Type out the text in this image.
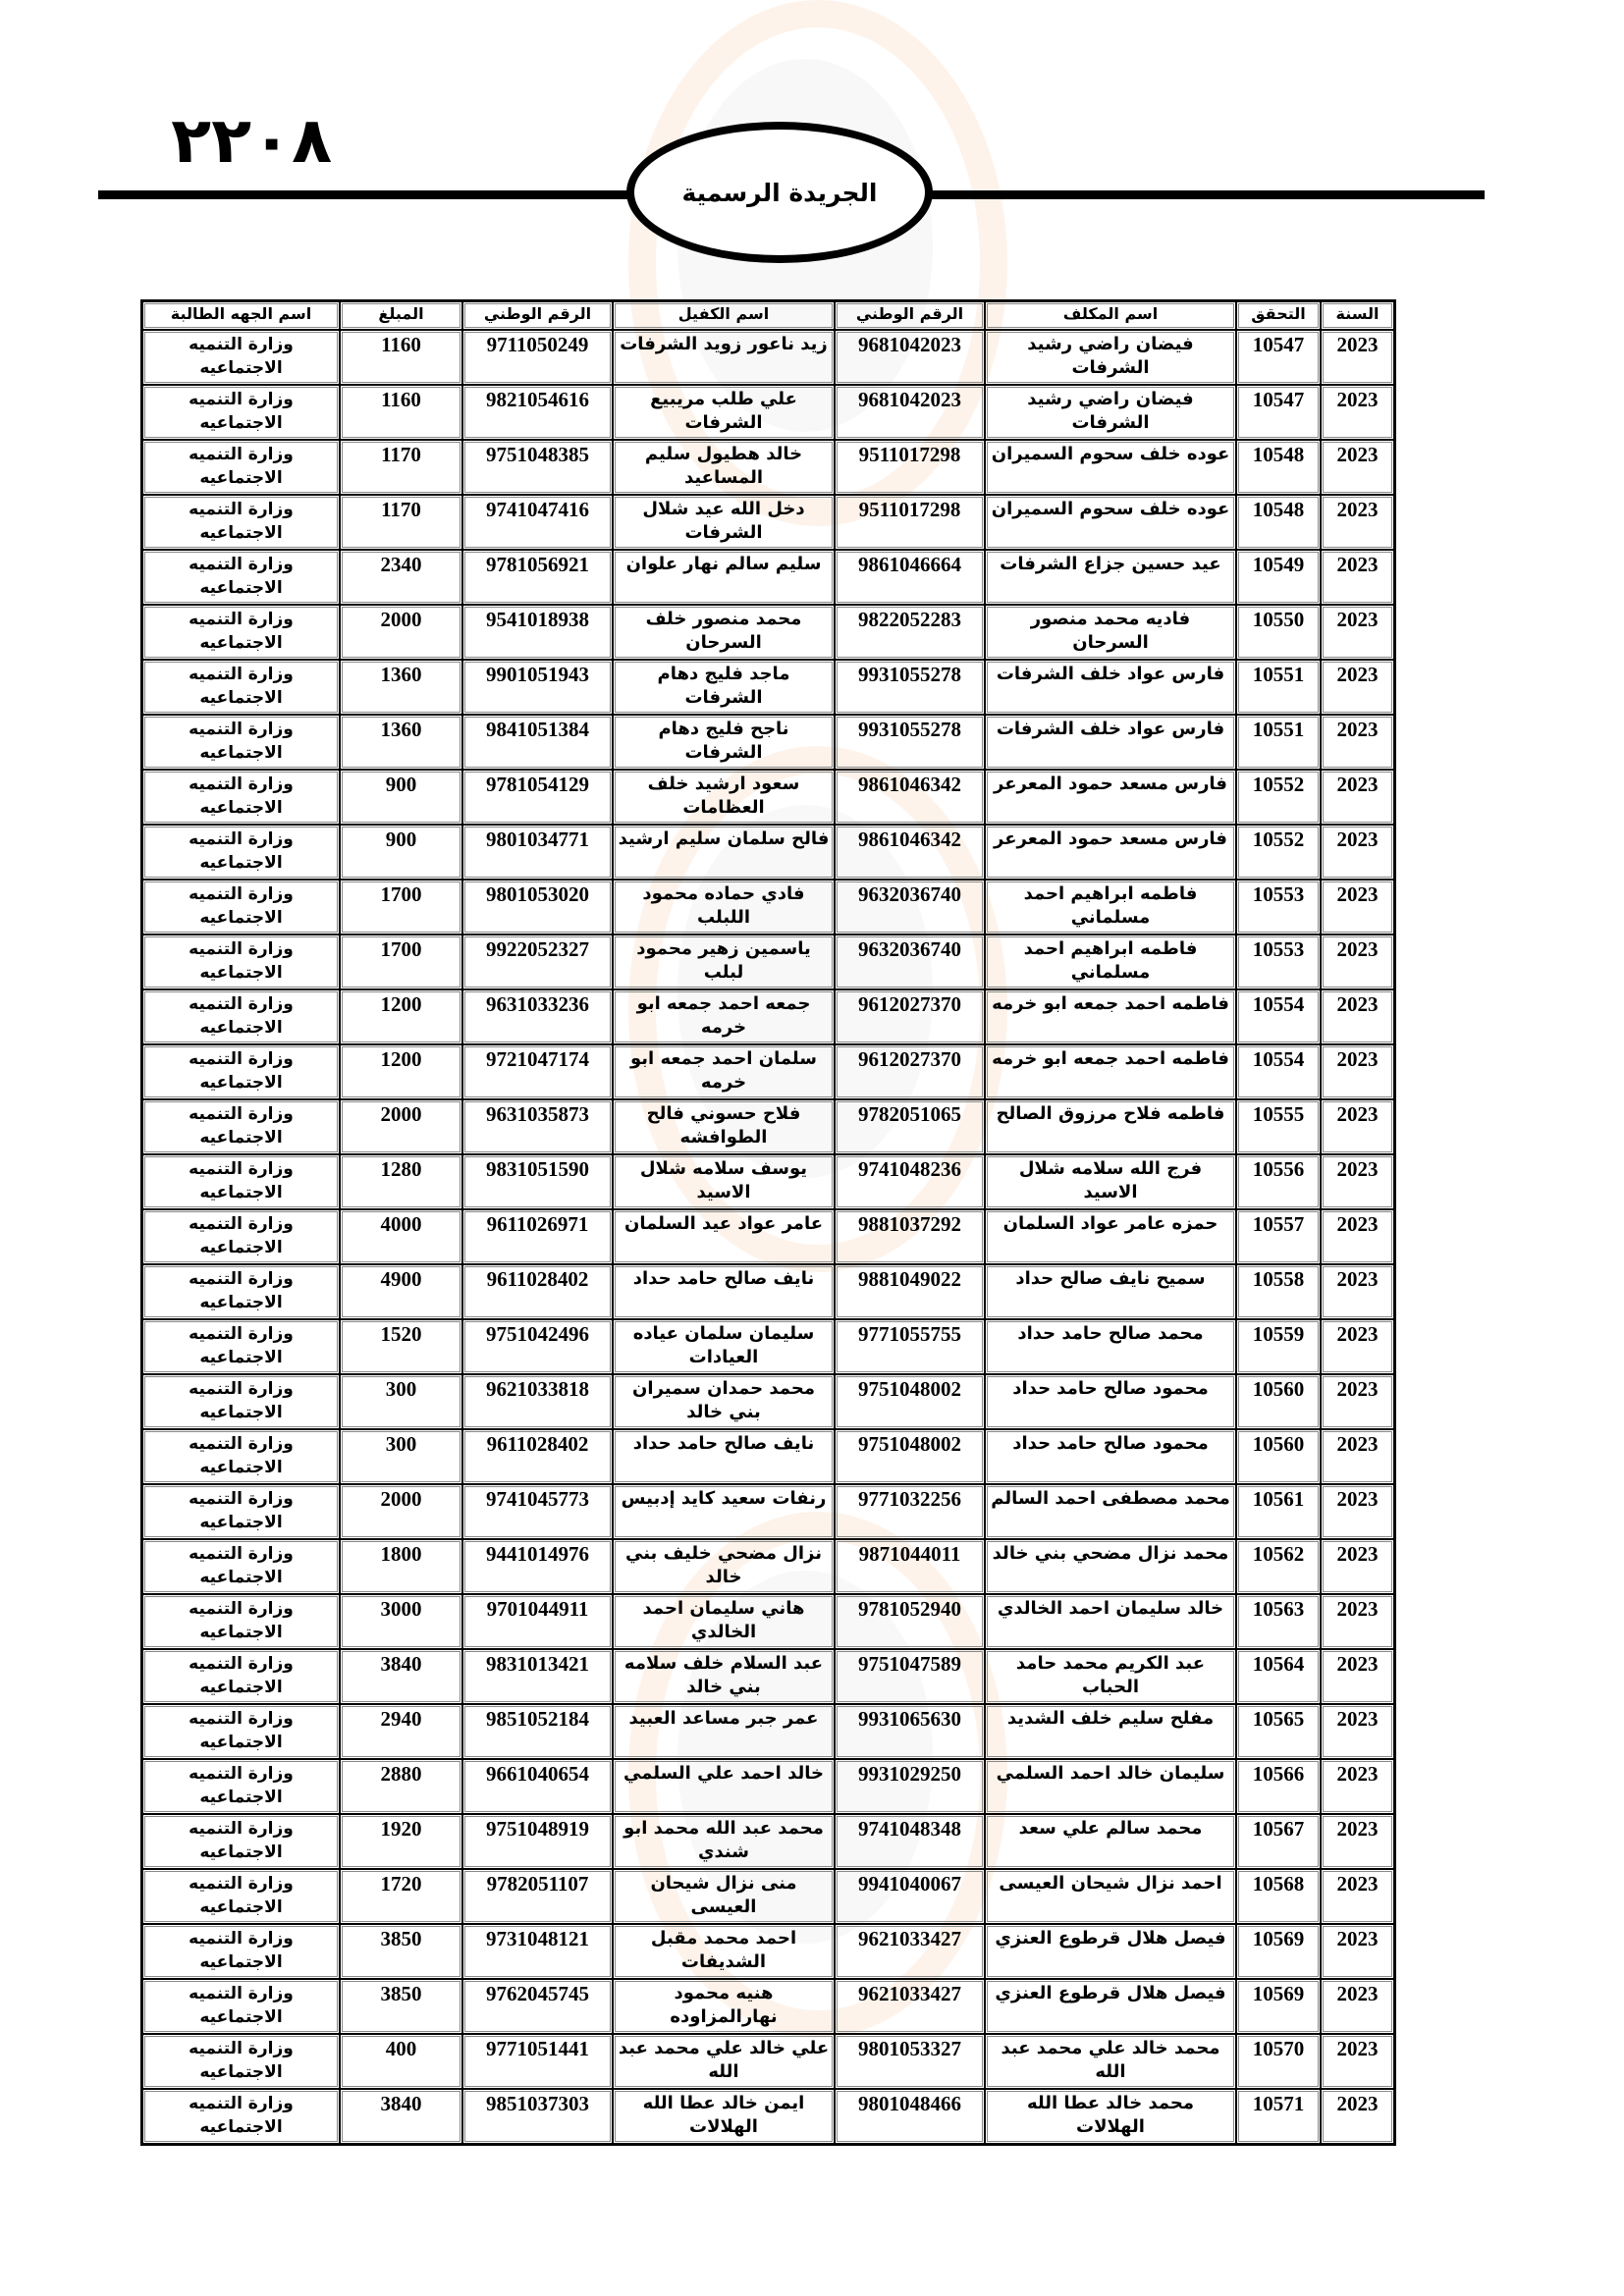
٢٢٠٨
الجريدة الرسمية
السنة	التحقق	اسم المكلف	الرقم الوطني	اسم الكفيل	الرقم الوطني	المبلغ	اسم الجهه الطالبة
2023	10547	فيضان راضي رشيد الشرفات	9681042023	زيد ناعور زويد الشرفات	9711050249	1160	وزارة التنميه الاجتماعيه
2023	10547	فيضان راضي رشيد الشرفات	9681042023	علي طلب مريبيع الشرفات	9821054616	1160	وزارة التنميه الاجتماعيه
2023	10548	عوده خلف سحوم السميران	9511017298	خالد هطيول سليم المساعيد	9751048385	1170	وزارة التنميه الاجتماعيه
2023	10548	عوده خلف سحوم السميران	9511017298	دخل الله عيد شلال الشرفات	9741047416	1170	وزارة التنميه الاجتماعيه
2023	10549	عيد حسين جزاع الشرفات	9861046664	سليم سالم نهار علوان	9781056921	2340	وزارة التنميه الاجتماعيه
2023	10550	فاديه محمد منصور السرحان	9822052283	محمد منصور خلف السرحان	9541018938	2000	وزارة التنميه الاجتماعيه
2023	10551	فارس عواد خلف الشرفات	9931055278	ماجد فليج دهام الشرفات	9901051943	1360	وزارة التنميه الاجتماعيه
2023	10551	فارس عواد خلف الشرفات	9931055278	ناجح فليج دهام الشرفات	9841051384	1360	وزارة التنميه الاجتماعيه
2023	10552	فارس مسعد حمود المعرعر	9861046342	سعود ارشيد خلف العظامات	9781054129	900	وزارة التنميه الاجتماعيه
2023	10552	فارس مسعد حمود المعرعر	9861046342	فالح سلمان سليم ارشيد	9801034771	900	وزارة التنميه الاجتماعيه
2023	10553	فاطمه ابراهيم احمد مسلماني	9632036740	فادي حماده محمود اللبلب	9801053020	1700	وزارة التنميه الاجتماعيه
2023	10553	فاطمه ابراهيم احمد مسلماني	9632036740	ياسمين زهير محمود لبلب	9922052327	1700	وزارة التنميه الاجتماعيه
2023	10554	فاطمه احمد جمعه ابو خرمه	9612027370	جمعه احمد جمعه ابو خرمه	9631033236	1200	وزارة التنميه الاجتماعيه
2023	10554	فاطمه احمد جمعه ابو خرمه	9612027370	سلمان احمد جمعه ابو خرمه	9721047174	1200	وزارة التنميه الاجتماعيه
2023	10555	فاطمه فلاح مرزوق الصالح	9782051065	فلاح حسوني فالح الطوافشه	9631035873	2000	وزارة التنميه الاجتماعيه
2023	10556	فرج الله سلامه شلال الاسيد	9741048236	يوسف سلامه شلال الاسيد	9831051590	1280	وزارة التنميه الاجتماعيه
2023	10557	حمزه عامر عواد السلمان	9881037292	عامر عواد عيد السلمان	9611026971	4000	وزارة التنميه الاجتماعيه
2023	10558	سميح نايف صالح حداد	9881049022	نايف صالح حامد حداد	9611028402	4900	وزارة التنميه الاجتماعيه
2023	10559	محمد صالح حامد حداد	9771055755	سليمان سلمان عياده العيادات	9751042496	1520	وزارة التنميه الاجتماعيه
2023	10560	محمود صالح حامد حداد	9751048002	محمد حمدان سميران بني خالد	9621033818	300	وزارة التنميه الاجتماعيه
2023	10560	محمود صالح حامد حداد	9751048002	نايف صالح حامد حداد	9611028402	300	وزارة التنميه الاجتماعيه
2023	10561	محمد مصطفى احمد السالم	9771032256	رنفات سعيد كايد إدبيس	9741045773	2000	وزارة التنميه الاجتماعيه
2023	10562	محمد نزال مضحي بني خالد	9871044011	نزال مضحي خليف بني خالد	9441014976	1800	وزارة التنميه الاجتماعيه
2023	10563	خالد سليمان احمد الخالدي	9781052940	هاني سليمان احمد الخالدي	9701044911	3000	وزارة التنميه الاجتماعيه
2023	10564	عبد الكريم محمد حامد الحباب	9751047589	عبد السلام خلف سلامه بني خالد	9831013421	3840	وزارة التنميه الاجتماعيه
2023	10565	مفلح سليم خلف الشديد	9931065630	عمر جبر مساعد العبيد	9851052184	2940	وزارة التنميه الاجتماعيه
2023	10566	سليمان خالد احمد السلمي	9931029250	خالد احمد علي السلمي	9661040654	2880	وزارة التنميه الاجتماعيه
2023	10567	محمد سالم علي سعد	9741048348	محمد عبد الله محمد ابو شندي	9751048919	1920	وزارة التنميه الاجتماعيه
2023	10568	احمد نزال شيحان العيسى	9941040067	منى نزال شيحان العيسى	9782051107	1720	وزارة التنميه الاجتماعيه
2023	10569	فيصل هلال قرطوع العنزي	9621033427	احمد محمد مقبل الشديفات	9731048121	3850	وزارة التنميه الاجتماعيه
2023	10569	فيصل هلال قرطوع العنزي	9621033427	هنيه محمود نهارالمزاوده	9762045745	3850	وزارة التنميه الاجتماعيه
2023	10570	محمد خالد علي محمد عبد الله	9801053327	علي خالد علي محمد عبد الله	9771051441	400	وزارة التنميه الاجتماعيه
2023	10571	محمد خالد عطا الله الهلالات	9801048466	ايمن خالد عطا الله الهلالات	9851037303	3840	وزارة التنميه الاجتماعيه
